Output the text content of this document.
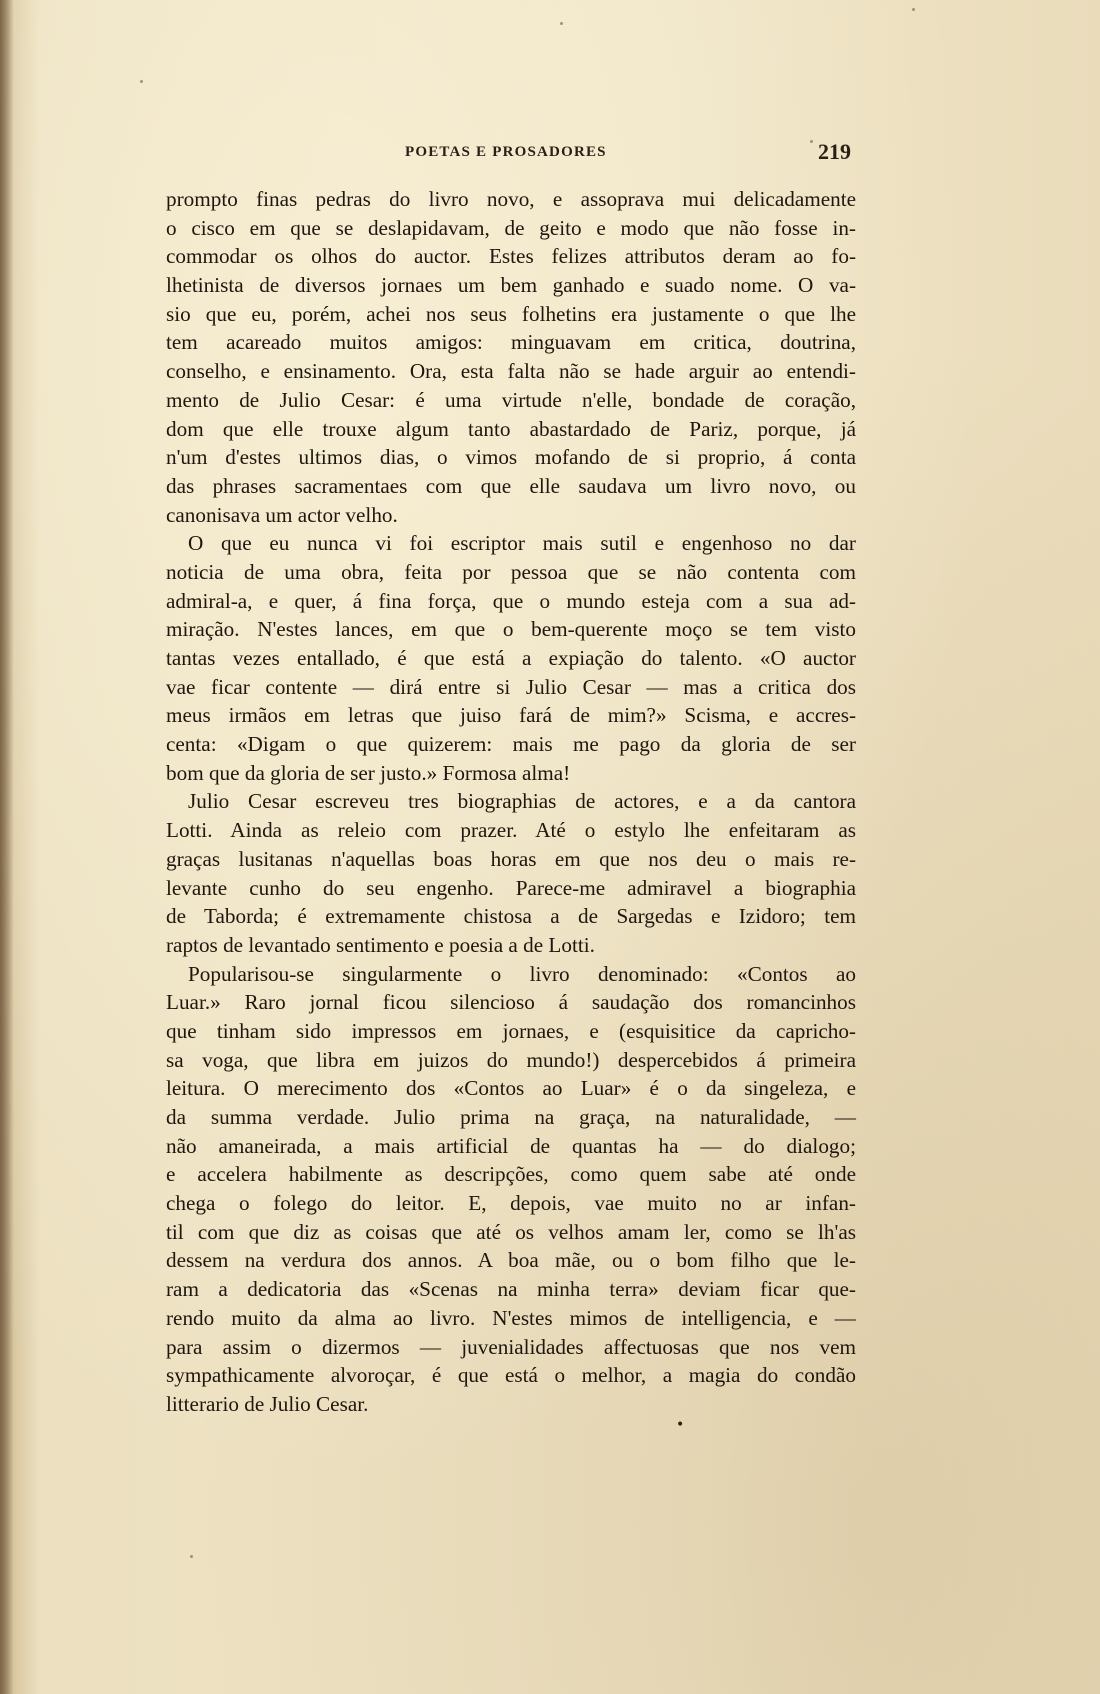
POETAS E PROSADORES	219
prompto finas pedras do livro novo, e assoprava mui delicadamente
o cisco em que se deslapidavam, de geito e modo que não fosse in-
commodar os olhos do auctor. Estes felizes attributos deram ao fo-
lhetinista de diversos jornaes um bem ganhado e suado nome. O va-
sio que eu, porém, achei nos seus folhetins era justamente o que lhe
tem acareado muitos amigos: minguavam em critica, doutrina,
conselho, e ensinamento. Ora, esta falta não se hade arguir ao entendi-
mento de Julio Cesar: é uma virtude n'elle, bondade de coração,
dom que elle trouxe algum tanto abastardado de Pariz, porque, já
n'um d'estes ultimos dias, o vimos mofando de si proprio, á conta
das phrases sacramentaes com que elle saudava um livro novo, ou
canonisava um actor velho.
O que eu nunca vi foi escriptor mais sutil e engenhoso no dar
noticia de uma obra, feita por pessoa que se não contenta com
admiral-a, e quer, á fina força, que o mundo esteja com a sua ad-
miração. N'estes lances, em que o bem-querente moço se tem visto
tantas vezes entallado, é que está a expiação do talento. «O auctor
vae ficar contente — dirá entre si Julio Cesar — mas a critica dos
meus irmãos em letras que juiso fará de mim?» Scisma, e accres-
centa: «Digam o que quizerem: mais me pago da gloria de ser
bom que da gloria de ser justo.» Formosa alma!
Julio Cesar escreveu tres biographias de actores, e a da cantora
Lotti. Ainda as releio com prazer. Até o estylo lhe enfeitaram as
graças lusitanas n'aquellas boas horas em que nos deu o mais re-
levante cunho do seu engenho. Parece-me admiravel a biographia
de Taborda; é extremamente chistosa a de Sargedas e Izidoro; tem
raptos de levantado sentimento e poesia a de Lotti.
Popularisou-se singularmente o livro denominado: «Contos ao
Luar.» Raro jornal ficou silencioso á saudação dos romancinhos
que tinham sido impressos em jornaes, e (esquisitice da capricho-
sa voga, que libra em juizos do mundo!) despercebidos á primeira
leitura. O merecimento dos «Contos ao Luar» é o da singeleza, e
da summa verdade. Julio prima na graça, na naturalidade, —
não amaneirada, a mais artificial de quantas ha — do dialogo;
e accelera habilmente as descripções, como quem sabe até onde
chega o folego do leitor. E, depois, vae muito no ar infan-
til com que diz as coisas que até os velhos amam ler, como se lh'as
dessem na verdura dos annos. A boa mãe, ou o bom filho que le-
ram a dedicatoria das «Scenas na minha terra» deviam ficar que-
rendo muito da alma ao livro. N'estes mimos de intelligencia, e —
para assim o dizermos — juvenialidades affectuosas que nos vem
sympathicamente alvoroçar, é que está o melhor, a magia do condão
litterario de Julio Cesar.
•
